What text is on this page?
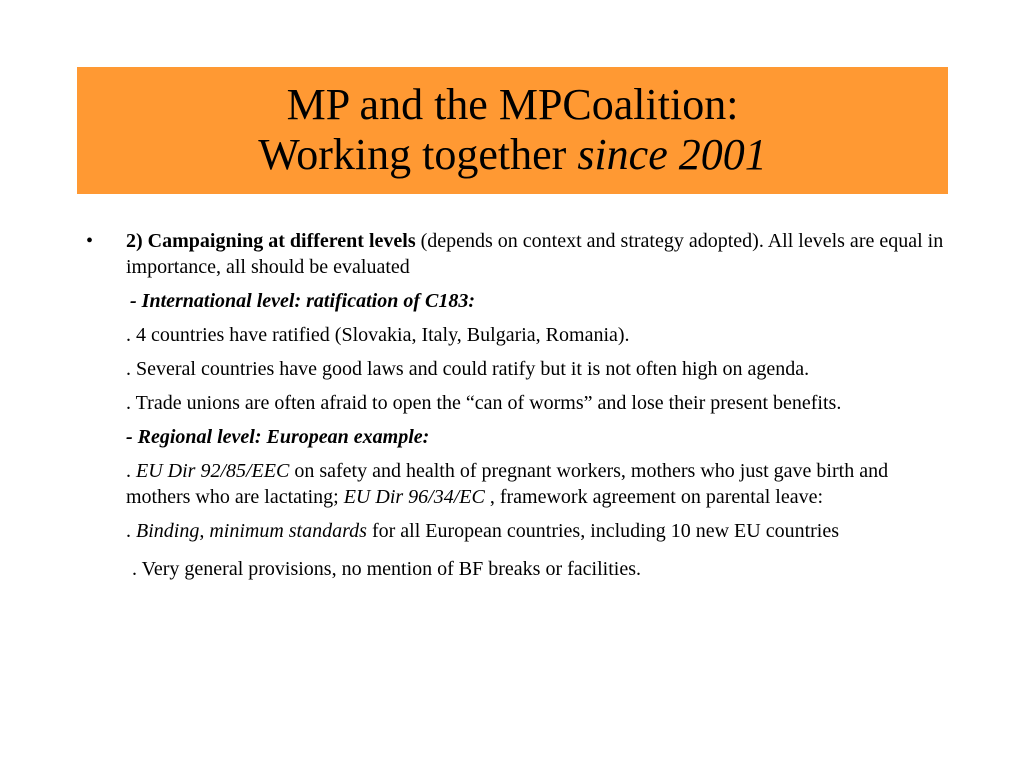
MP and the MPCoalition:
Working together since 2001
• 2) Campaigning at different levels (depends on context and strategy adopted). All levels are equal in importance, all should be evaluated

- International level: ratification of C183:

. 4 countries have ratified (Slovakia, Italy, Bulgaria, Romania).

. Several countries have good laws and could ratify but it is not often high on agenda.

. Trade unions are often afraid to open the “can of worms” and lose their present benefits.

- Regional level: European example:

. EU Dir 92/85/EEC on safety and health of pregnant workers, mothers who just gave birth and mothers who are lactating; EU Dir 96/34/EC , framework agreement on parental leave:

. Binding, minimum standards for all European countries, including 10 new EU countries

. Very general provisions, no mention of BF breaks or facilities.
